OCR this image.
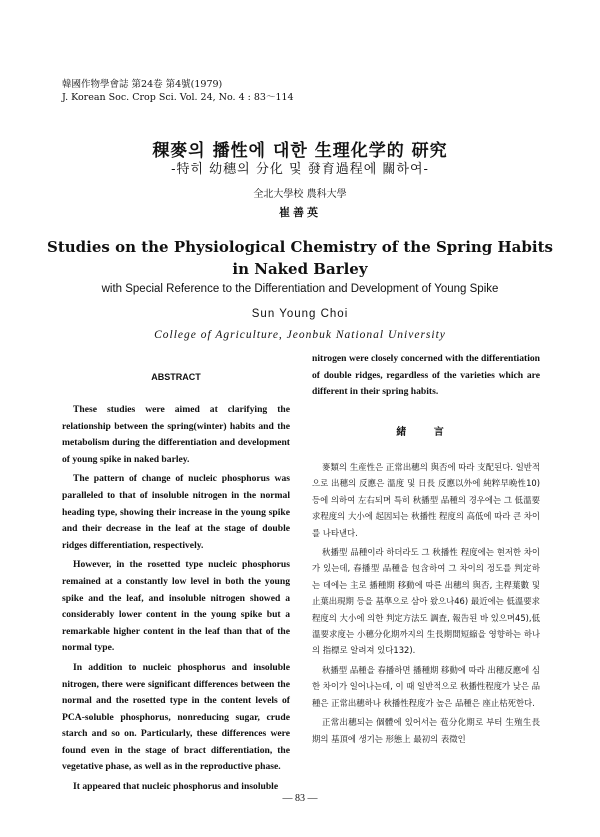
韓國作物學會誌 第24卷 第4號(1979)
J. Korean Soc. Crop Sci. Vol. 24, No. 4 : 83～114
稞麥의 播性에 대한 生理化学的 研究
-特히 幼穗의 分化 및 發育過程에 關하여-
全北大學校 農科大學
崔善英
Studies on the Physiological Chemistry of the Spring Habits
in Naked Barley
with Special Reference to the Differentiation and Development of Young Spike
Sun Young Choi
College of Agriculture, Jeonbuk National University
ABSTRACT

These studies were aimed at clarifying the relationship between the spring(winter) habits and the metabolism during the differentiation and development of young spike in naked barley.

The pattern of change of nucleic phosphorus was paralleled to that of insoluble nitrogen in the normal heading type, showing their increase in the young spike and their decrease in the leaf at the stage of double ridges differentiation, respectively.

However, in the rosetted type nucleic phosphorus remained at a constantly low level in both the young spike and the leaf, and insoluble nitrogen showed a considerably lower content in the young spike but a remarkable higher content in the leaf than that of the normal type.

In addition to nucleic phosphorus and insoluble nitrogen, there were significant differences between the normal and the rosetted type in the content levels of PCA-soluble phosphorus, nonreducing sugar, crude starch and so on. Particularly, these differences were found even in the stage of bract differentiation, the vegetative phase, as well as in the reproductive phase.

It appeared that nucleic phosphorus and insoluble

nitrogen were closely concerned with the differentiation of double ridges, regardless of the varieties which are different in their spring habits.
緒 言

麥類의 生産性은 正常出穗의 與否에 따라 支配된다. 일반적으로 出穗의 反應은 溫度 및 日長 反應以外에 純粹早晩性10) 등에 의하여 左右되며 특히 秋播型 品種의 경우에는 그 低溫要求程度의 大小에 起因되는 秋播性 程度의 高低에 따라 큰 차이를 나타낸다.

秋播型 品種이라 하더라도 그 秋播性 程度에는 현저한 차이가 있는데, 春播型 品種을 包含하여 그 차이의 정도를 判定하는 데에는 主로 播種期 移動에 따른 出穗의 與否, 主稈葉數 및 止葉出現期 등을 基準으로 삼아 왔으나46) 最近에는 低溫要求程度의 大小에 의한 判定方法도 調査, 報告된 바 있으며45),低溫要求度는 小穗分化期까지의 生長期間短縮을 영향하는 하나의 指標로 알려져 있다132).

秋播型 品種을 春播하면 播種期 移動에 따라 出穗反應에 심한 차이가 일어나는데, 이 때 일반적으로 秋播性程度가 낮은 品種은 正常出穗하나 秋播性程度가 높은 品種은 座止枯死한다.

正常出穗되는 個體에 있어서는 苞分化期로 부터 生殖生長期의 基頂에 생기는 形態上 最初의 表徵인

— 83 —
